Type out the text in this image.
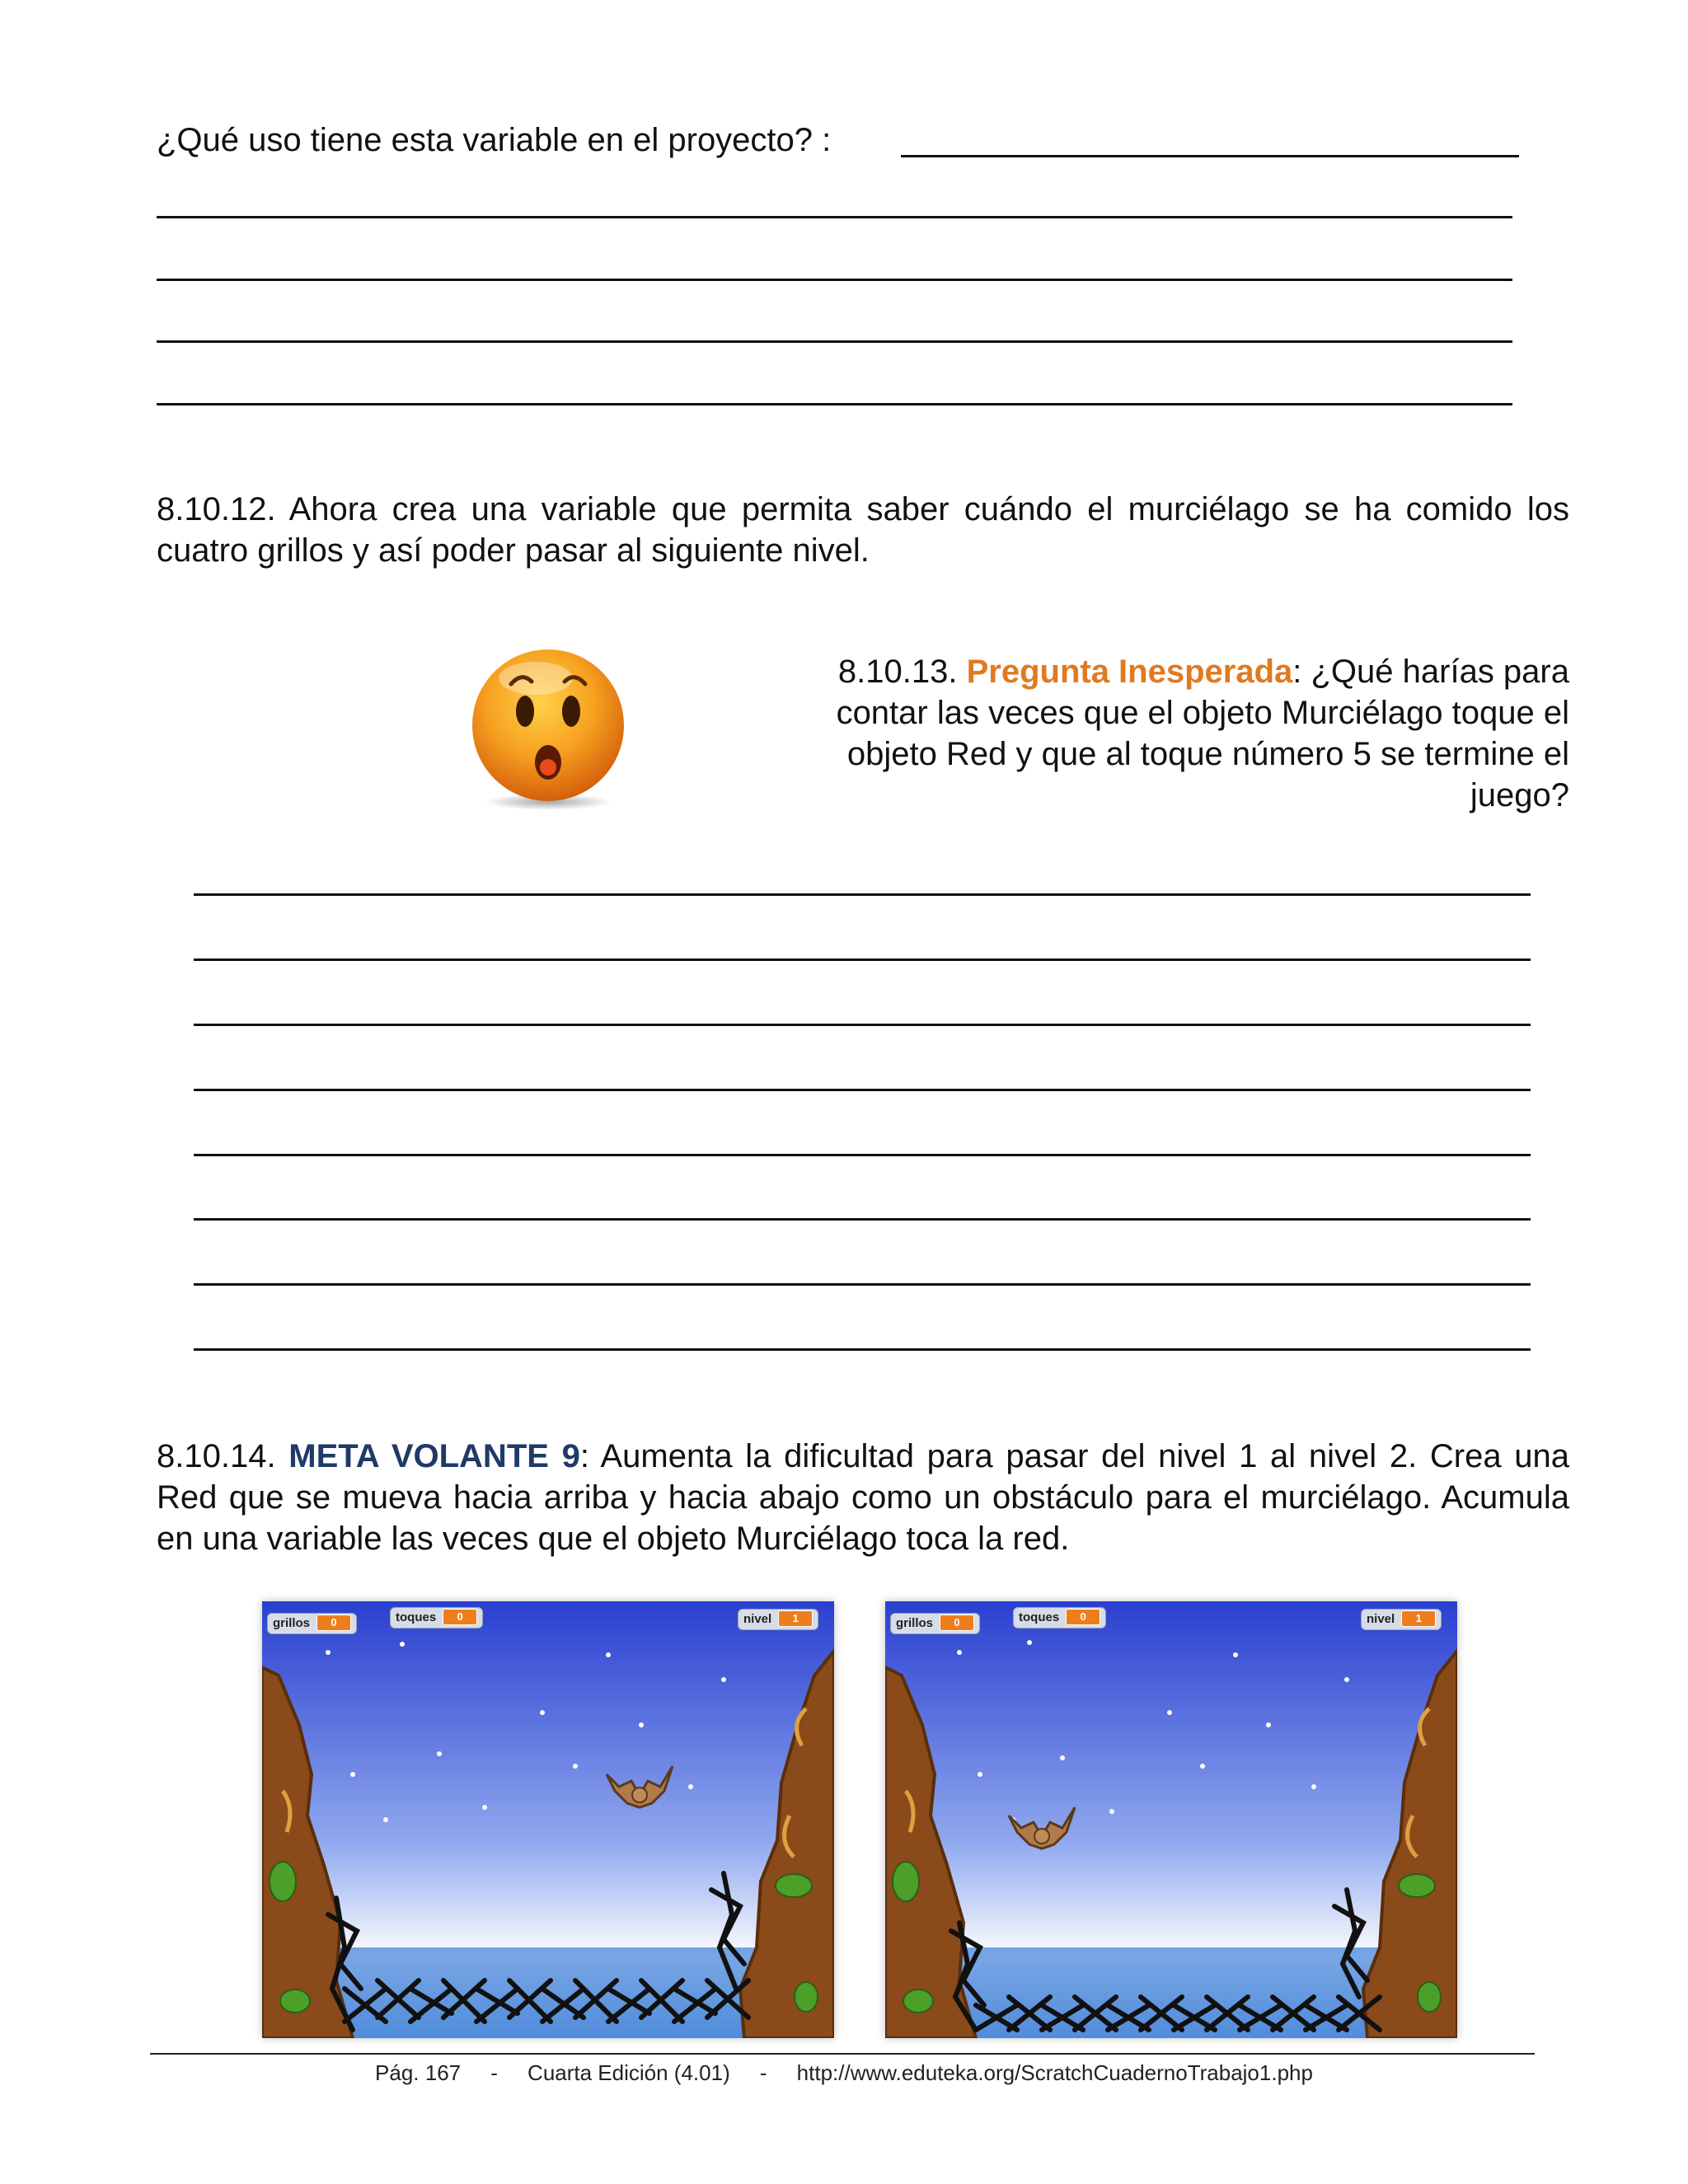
¿Qué uso tiene esta variable en el proyecto? :
8.10.12. Ahora crea una variable que permita saber cuándo el murciélago se ha comido los cuatro grillos y así poder pasar al siguiente nivel.
8.10.13. Pregunta Inesperada: ¿Qué harías para contar las veces que el objeto Murciélago toque el objeto Red y que al toque número 5 se termine el juego?
8.10.14. META VOLANTE 9: Aumenta la dificultad para pasar del nivel 1 al nivel 2. Crea una Red que se mueva hacia arriba y hacia abajo como un obstáculo para el murciélago. Acumula en una variable las veces que el objeto Murciélago toca la red.
grillos 0	toques 0	nivel 1	grillos 0	toques 0	nivel 1
Pág. 167 - Cuarta Edición (4.01) - http://www.eduteka.org/ScratchCuadernoTrabajo1.php
